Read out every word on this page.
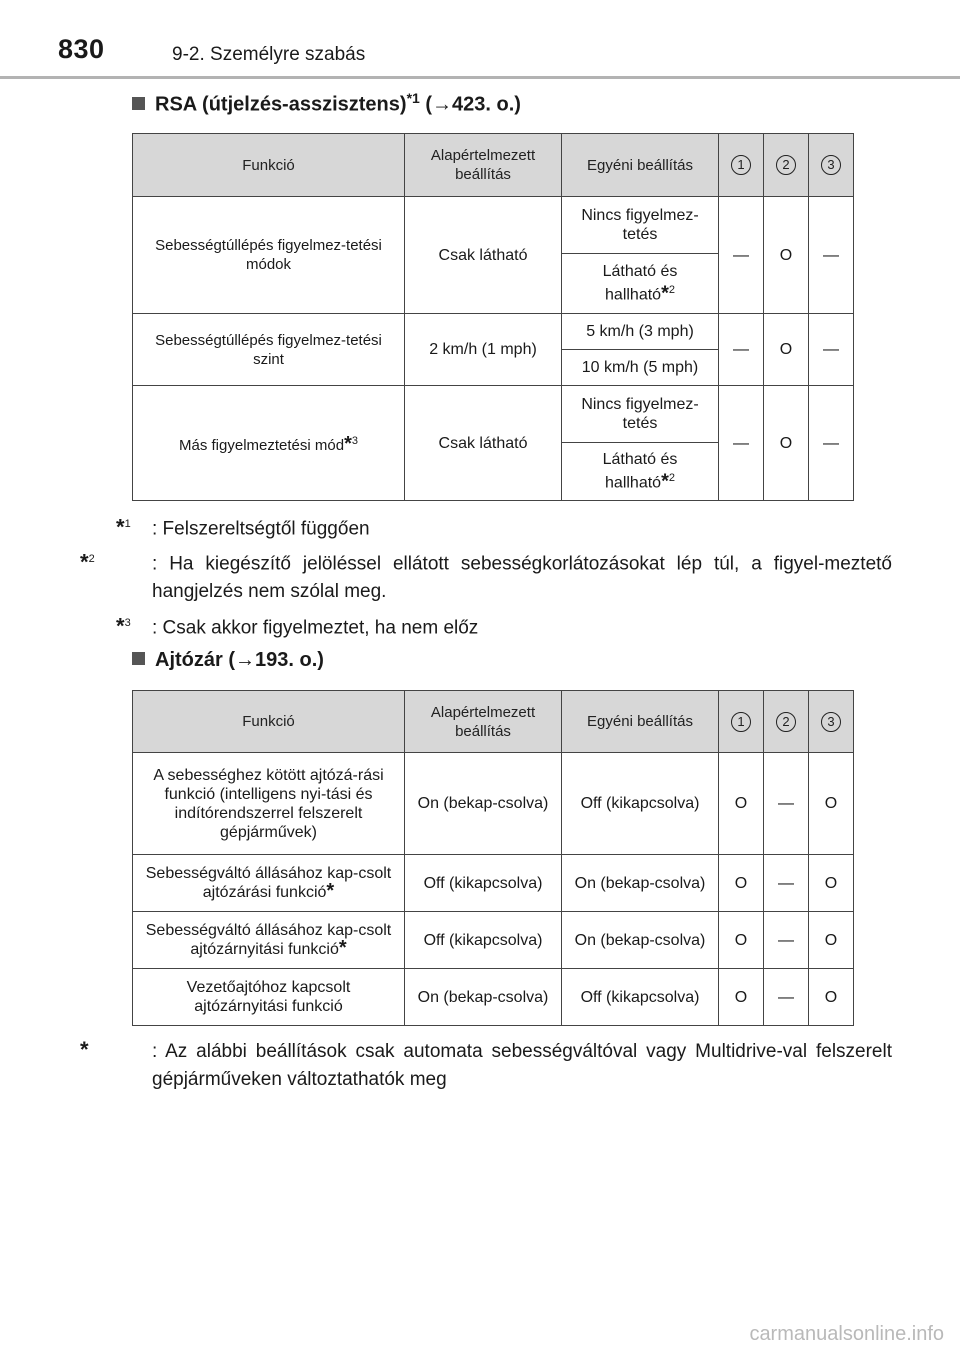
830	9-2. Személyre szabás
RSA (útjelzés-asszisztens)$^{*1}$ (→423. o.)
Funkció	Alapértelmezett beállítás	Egyéni beállítás	1	2	3
Sebességtúllépés figyelmez-tetési módok	Csak látható	Nincs figyelmez-tetés	—	O	—
		Látható és hallható*$^2$
Sebességtúllépés figyelmez-tetési szint	2 km/h (1 mph)	5 km/h (3 mph)	—	O	—
		10 km/h (5 mph)			
Más figyelmeztetési mód*$^3$	Csak látható	Nincs figyelmez-tetés	—	O	—
		Látható és hallható*$^2$
*$^1$ : Felszereltségtől függően
*$^2$	: Ha kiegészítő jelöléssel ellátott sebességkorlátozásokat lép túl, a figyel-meztető hangjelzés nem szólal meg.
*$^3$ : Csak akkor figyelmeztet, ha nem előz
Ajtózár (→193. o.)
Funkció	Alapértelmezett beállítás	Egyéni beállítás	1	2	3
A sebességhez kötött ajtózá-rási funkció (intelligens nyi-tási és indítórendszerrel felszerelt gépjárművek)	On (bekap-csolva)	Off (kikapcsolva)	O	—	O
Sebességváltó állásához kap-csolt ajtózárási funkció*	Off (kikapcsolva)	On (bekap-csolva)	O	—	O
Sebességváltó állásához kap-csolt ajtózárnyitási funkció*	Off (kikapcsolva)	On (bekap-csolva)	O	—	O
Vezetőajtóhoz kapcsolt ajtózárnyitási funkció	On (bekap-csolva)	Off (kikapcsolva)	O	—	O
*	: Az alábbi beállítások csak automata sebességváltóval vagy Multidrive-val felszerelt gépjárműveken változtathatók meg
carmanualsonline.info
